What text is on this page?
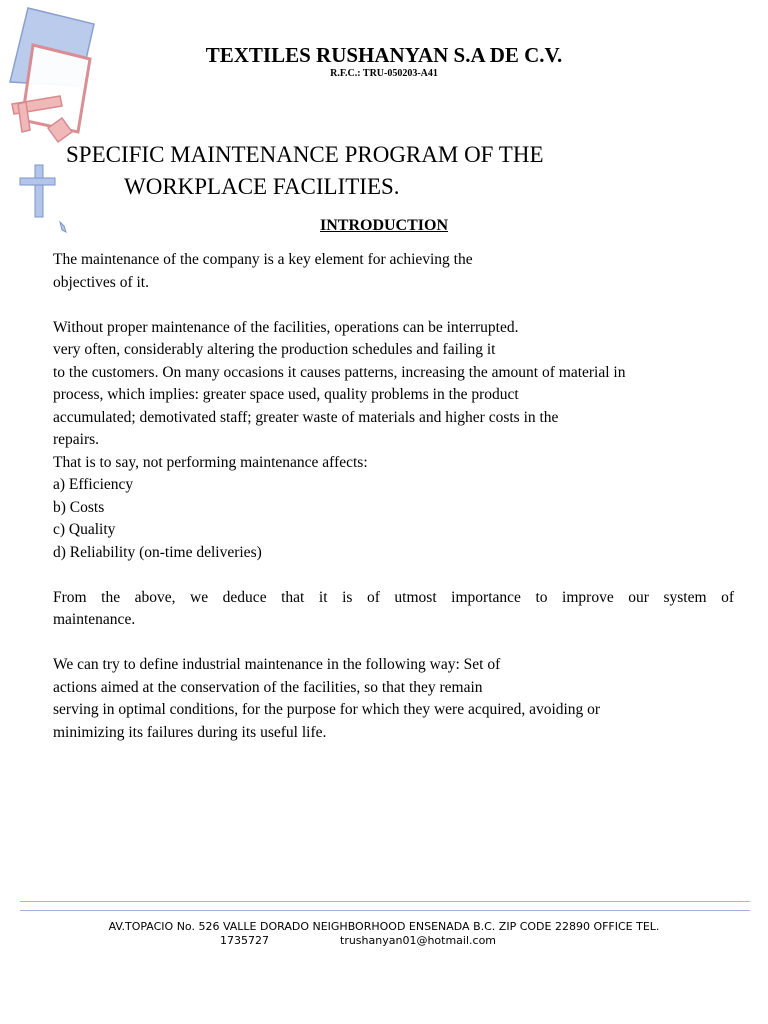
TEXTILES RUSHANYAN S.A DE C.V.
R.F.C.: TRU-050203-A41
SPECIFIC MAINTENANCE PROGRAM OF THE
WORKPLACE FACILITIES.
INTRODUCTION
The maintenance of the company is a key element for achieving the
objectives of it.
Without proper maintenance of the facilities, operations can be interrupted.
very often, considerably altering the production schedules and failing it
to the customers. On many occasions it causes patterns, increasing the amount of material in
process, which implies: greater space used, quality problems in the product
accumulated; demotivated staff; greater waste of materials and higher costs in the
repairs.
That is to say, not performing maintenance affects:
a) Efficiency
b) Costs
c) Quality
d) Reliability (on-time deliveries)
From the above, we deduce that it is of utmost importance to improve our system of
maintenance.
We can try to define industrial maintenance in the following way: Set of
actions aimed at the conservation of the facilities, so that they remain
serving in optimal conditions, for the purpose for which they were acquired, avoiding or
minimizing its failures during its useful life.
AV.TOPACIO No. 526 VALLE DORADO NEIGHBORHOOD ENSENADA B.C. ZIP CODE 22890 OFFICE TEL.
1735727	trushanyan01@hotmail.com
